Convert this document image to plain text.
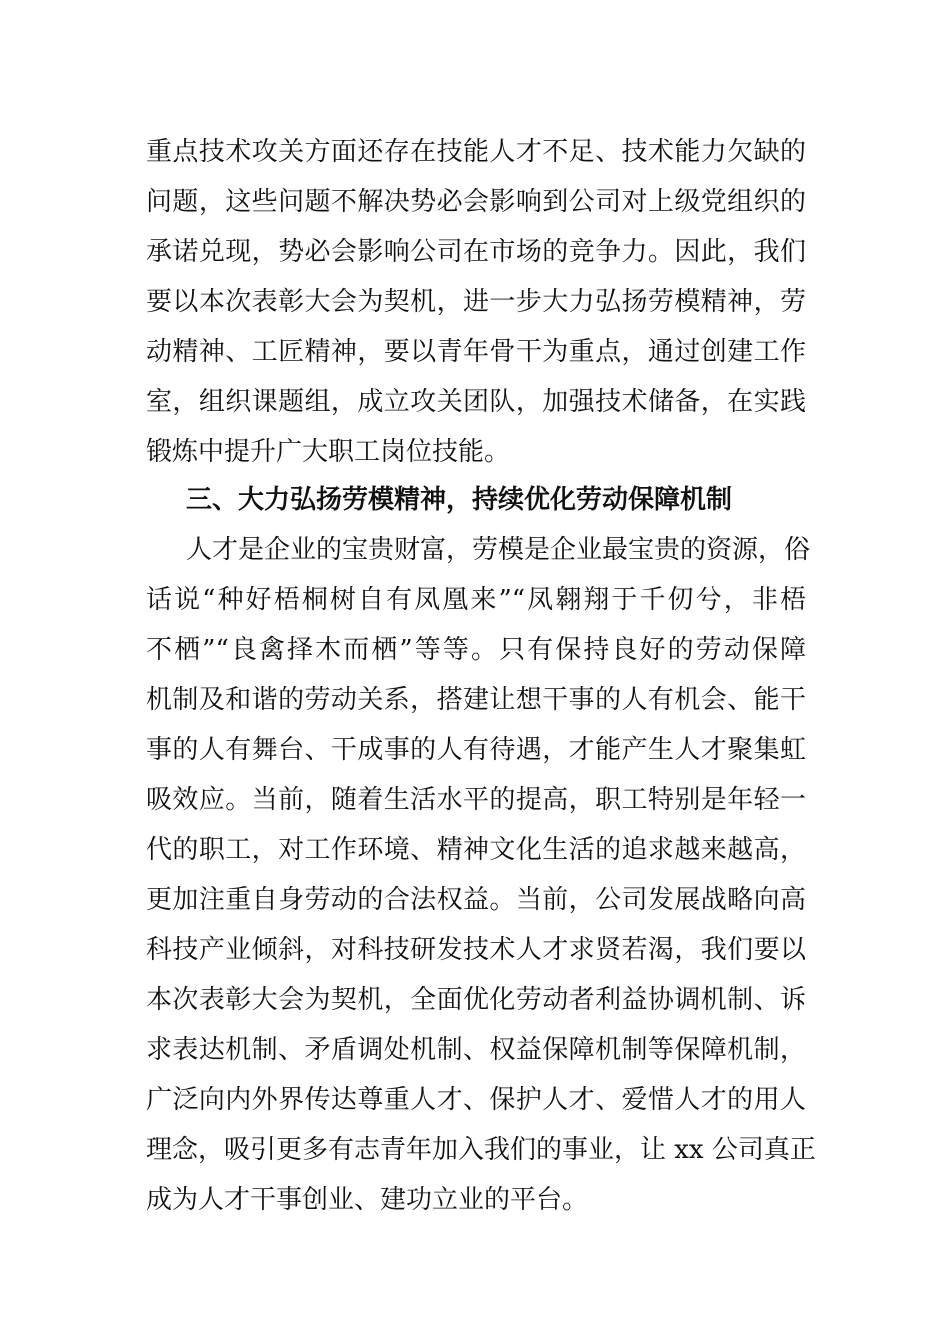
重点技术攻关方面还存在技能人才不足、技术能力欠缺的
问题，这些问题不解决势必会影响到公司对上级党组织的
承诺兑现，势必会影响公司在市场的竞争力。因此，我们
要以本次表彰大会为契机，进一步大力弘扬劳模精神，劳
动精神、工匠精神，要以青年骨干为重点，通过创建工作
室，组织课题组，成立攻关团队，加强技术储备，在实践
锻炼中提升广大职工岗位技能。
三、大力弘扬劳模精神，持续优化劳动保障机制
人才是企业的宝贵财富，劳模是企业最宝贵的资源，俗
话说“种好梧桐树自有凤凰来”“凤翱翔于千仞兮，非梧
不栖”“良禽择木而栖”等等。只有保持良好的劳动保障
机制及和谐的劳动关系，搭建让想干事的人有机会、能干
事的人有舞台、干成事的人有待遇，才能产生人才聚集虹
吸效应。当前，随着生活水平的提高，职工特别是年轻一
代的职工，对工作环境、精神文化生活的追求越来越高，
更加注重自身劳动的合法权益。当前，公司发展战略向高
科技产业倾斜，对科技研发技术人才求贤若渴，我们要以
本次表彰大会为契机，全面优化劳动者利益协调机制、诉
求表达机制、矛盾调处机制、权益保障机制等保障机制，
广泛向内外界传达尊重人才、保护人才、爱惜人才的用人
理念，吸引更多有志青年加入我们的事业，让 xx 公司真正
成为人才干事创业、建功立业的平台。
